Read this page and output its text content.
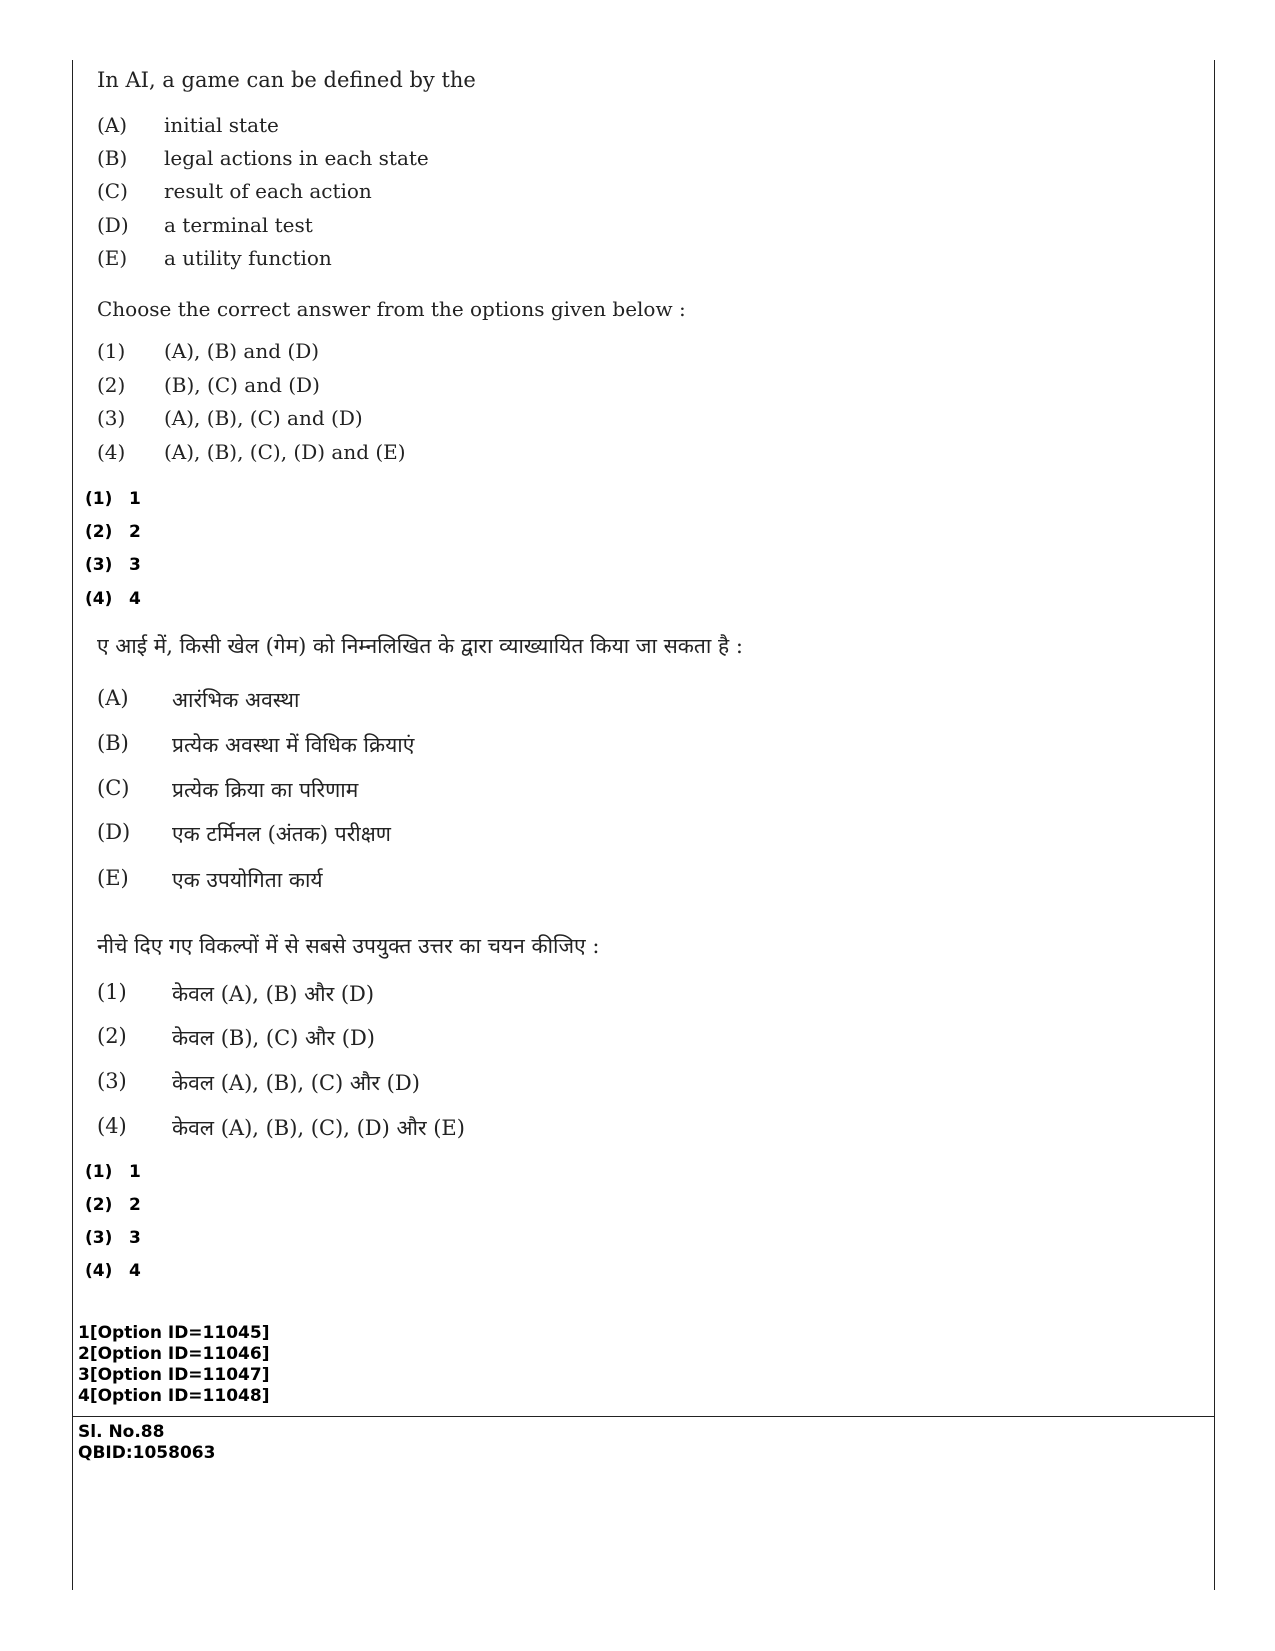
In AI, a game can be defined by the
(A)	initial state
(B)	legal actions in each state
(C)	result of each action
(D)	a terminal test
(E)	a utility function
Choose the correct answer from the options given below :
(1)	(A), (B) and (D)
(2)	(B), (C) and (D)
(3)	(A), (B), (C) and (D)
(4)	(A), (B), (C), (D) and (E)
(1) 1
(2) 2
(3) 3
(4) 4
ए आई में, किसी खेल (गेम) को निम्नलिखित के द्वारा व्याख्यायित किया जा सकता है :
(A)	आरंभिक अवस्था
(B)	प्रत्येक अवस्था में विधिक क्रियाएं
(C)	प्रत्येक क्रिया का परिणाम
(D)	एक टर्मिनल (अंतक) परीक्षण
(E)	एक उपयोगिता कार्य
नीचे दिए गए विकल्पों में से सबसे उपयुक्त उत्तर का चयन कीजिए :
(1)	केवल (A), (B) और (D)
(2)	केवल (B), (C) और (D)
(3)	केवल (A), (B), (C) और (D)
(4)	केवल (A), (B), (C), (D) और (E)
(1) 1
(2) 2
(3) 3
(4) 4
1[Option ID=11045]
2[Option ID=11046]
3[Option ID=11047]
4[Option ID=11048]
Sl. No.88
QBID:1058063
